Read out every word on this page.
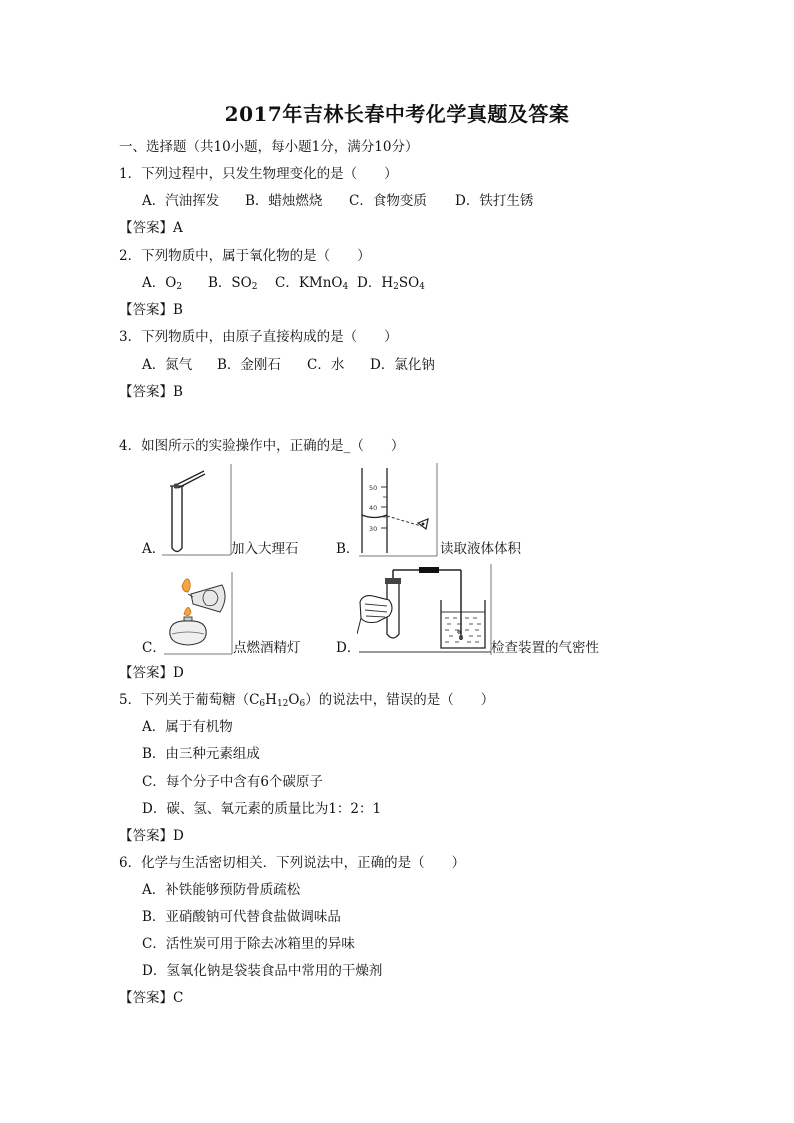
2017年吉林长春中考化学真题及答案
一、选择题（共10小题，每小题1分，满分10分）
1．下列过程中，只发生物理变化的是（　　）
A．汽油挥发 B．蜡烛燃烧 C．食物变质 D．铁打生锈
【答案】A
2．下列物质中，属于氧化物的是（　　）
A．$O_2$ B．$SO_2$ C．KMnO$_4$ D．$H_2SO_4$
【答案】B
3．下列物质中，由原子直接构成的是（　　）
A．氮气 B．金刚石 C．水 D．氯化钠
【答案】B
4．如图所示的实验操作中，正确的是_（　　）
A．	加入大理石
50
40
30
B．	读取液体体积
C．	点燃酒精灯	D．	检查装置的气密性
【答案】D
5．下列关于葡萄糖$(C_6H_{12}O_6)$的说法中，错误的是（　　）
A．属于有机物
B．由三种元素组成
C．每个分子中含有6个碳原子
D．碳、氢、氧元素的质量比为1：2：1
【答案】D
6．化学与生活密切相关．下列说法中，正确的是（　　）
A．补铁能够预防骨质疏松
B．亚硝酸钠可代替食盐做调味品
C．活性炭可用于除去冰箱里的异味
D．氢氧化钠是袋装食品中常用的干燥剂
【答案】C
